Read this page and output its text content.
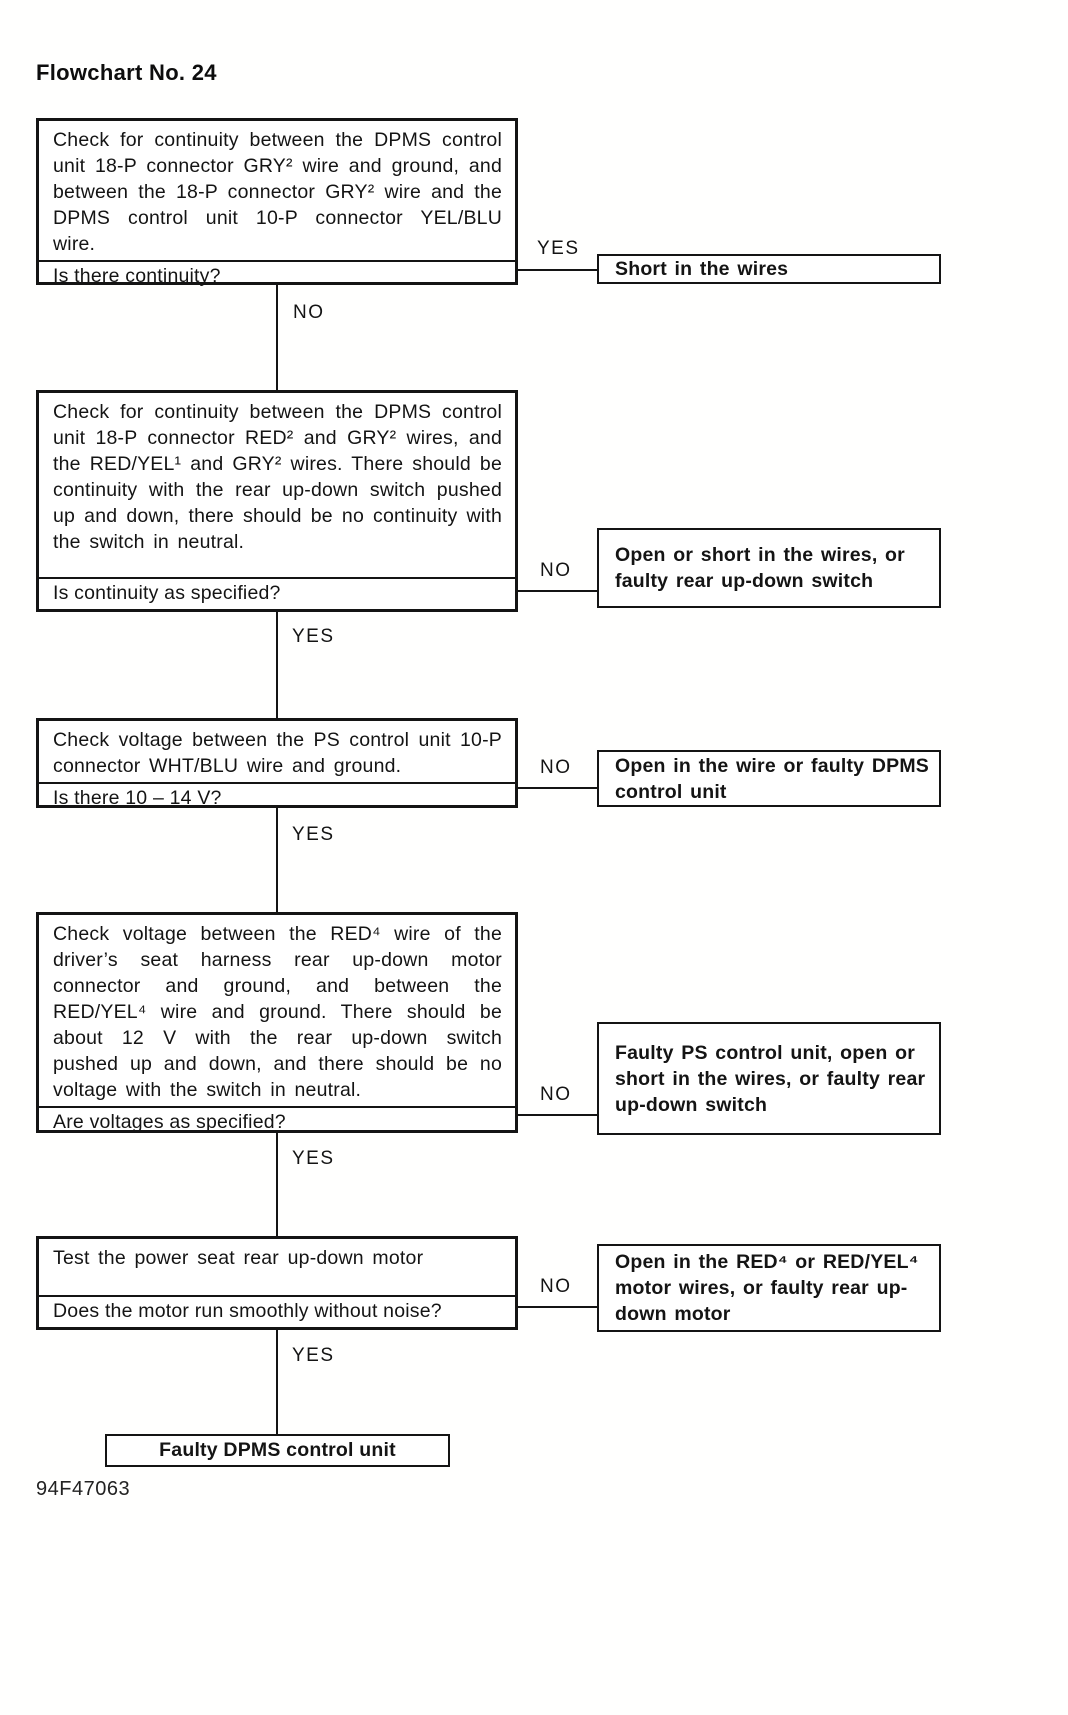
Flowchart No. 24
Check for continuity between the DPMS control unit 18-P connector GRY² wire and ground, and between the 18-P connector GRY² wire and the DPMS control unit 10-P connector YEL/BLU wire.
Is there continuity?
YES
Short in the wires
NO
Check for continuity between the DPMS control unit 18-P connector RED² and GRY² wires, and the RED/YEL¹ and GRY² wires. There should be continuity with the rear up-down switch pushed up and down, there should be no continuity with the switch in neutral.
Is continuity as specified?
NO
Open or short in the wires, or faulty rear up-down switch
YES
Check voltage between the PS control unit 10-P connector WHT/BLU wire and ground.
Is there 10 – 14 V?
NO	Open in the wire or faulty DPMS control unit
YES
Check voltage between the RED⁴ wire of the driver’s seat harness rear up-down motor connector and ground, and between the RED/YEL⁴ wire and ground. There should be about 12 V with the rear up-down switch pushed up and down, and there should be no voltage with the switch in neutral.
Are voltages as specified?
NO
Faulty PS control unit, open or short in the wires, or faulty rear up-down switch
YES
Test the power seat rear up-down motor
Does the motor run smoothly without noise?
NO
Open in the RED⁴ or RED/YEL⁴ motor wires, or faulty rear up-down motor
YES
Faulty DPMS control unit
94F47063
